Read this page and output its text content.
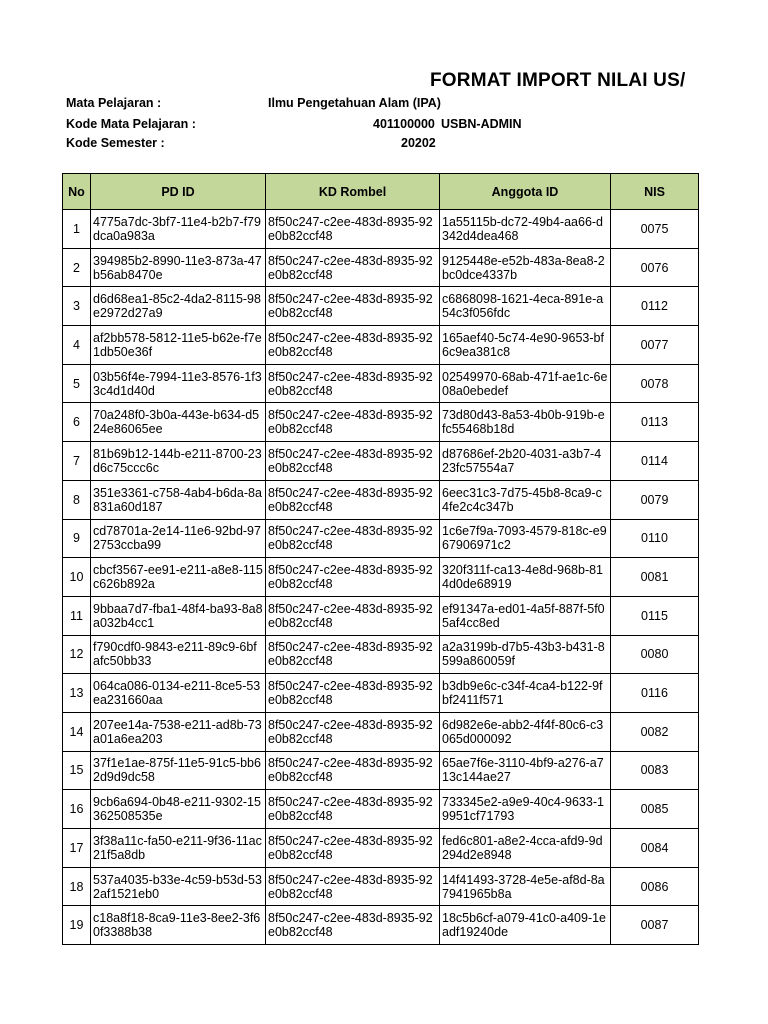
FORMAT IMPORT NILAI US/
Mata Pelajaran :	Ilmu Pengetahuan Alam (IPA)
Kode Mata Pelajaran :	401100000 USBN-ADMIN
Kode Semester :	20202
No	PD ID	KD Rombel	Anggota ID	NIS
1	4775a7dc-3bf7-11e4-b2b7-f79dca0a983a	8f50c247-c2ee-483d-8935-92e0b82ccf48	1a55115b-dc72-49b4-aa66-d342d4dea468	0075
2	394985b2-8990-11e3-873a-47b56ab8470e	8f50c247-c2ee-483d-8935-92e0b82ccf48	9125448e-e52b-483a-8ea8-2bc0dce4337b	0076
3	d6d68ea1-85c2-4da2-8115-98e2972d27a9	8f50c247-c2ee-483d-8935-92e0b82ccf48	c6868098-1621-4eca-891e-a54c3f056fdc	0112
4	af2bb578-5812-11e5-b62e-f7e1db50e36f	8f50c247-c2ee-483d-8935-92e0b82ccf48	165aef40-5c74-4e90-9653-bf6c9ea381c8	0077
5	03b56f4e-7994-11e3-8576-1f33c4d1d40d	8f50c247-c2ee-483d-8935-92e0b82ccf48	02549970-68ab-471f-ae1c-6e08a0ebedef	0078
6	70a248f0-3b0a-443e-b634-d524e86065ee	8f50c247-c2ee-483d-8935-92e0b82ccf48	73d80d43-8a53-4b0b-919b-efc55468b18d	0113
7	81b69b12-144b-e211-8700-23d6c75ccc6c	8f50c247-c2ee-483d-8935-92e0b82ccf48	d87686ef-2b20-4031-a3b7-423fc57554a7	0114
8	351e3361-c758-4ab4-b6da-8a831a60d187	8f50c247-c2ee-483d-8935-92e0b82ccf48	6eec31c3-7d75-45b8-8ca9-c4fe2c4c347b	0079
9	cd78701a-2e14-11e6-92bd-972753ccba99	8f50c247-c2ee-483d-8935-92e0b82ccf48	1c6e7f9a-7093-4579-818c-e967906971c2	0110
10	cbcf3567-ee91-e211-a8e8-115c626b892a	8f50c247-c2ee-483d-8935-92e0b82ccf48	320f311f-ca13-4e8d-968b-814d0de68919	0081
11	9bbaa7d7-fba1-48f4-ba93-8a8a032b4cc1	8f50c247-c2ee-483d-8935-92e0b82ccf48	ef91347a-ed01-4a5f-887f-5f05af4cc8ed	0115
12	f790cdf0-9843-e211-89c9-6bfafc50bb33	8f50c247-c2ee-483d-8935-92e0b82ccf48	a2a3199b-d7b5-43b3-b431-8599a860059f	0080
13	064ca086-0134-e211-8ce5-53ea231660aa	8f50c247-c2ee-483d-8935-92e0b82ccf48	b3db9e6c-c34f-4ca4-b122-9fbf2411f571	0116
14	207ee14a-7538-e211-ad8b-73a01a6ea203	8f50c247-c2ee-483d-8935-92e0b82ccf48	6d982e6e-abb2-4f4f-80c6-c3065d000092	0082
15	37f1e1ae-875f-11e5-91c5-bb62d9d9dc58	8f50c247-c2ee-483d-8935-92e0b82ccf48	65ae7f6e-3110-4bf9-a276-a713c144ae27	0083
16	9cb6a694-0b48-e211-9302-15362508535e	8f50c247-c2ee-483d-8935-92e0b82ccf48	733345e2-a9e9-40c4-9633-19951cf71793	0085
17	3f38a11c-fa50-e211-9f36-11ac21f5a8db	8f50c247-c2ee-483d-8935-92e0b82ccf48	fed6c801-a8e2-4cca-afd9-9d294d2e8948	0084
18	537a4035-b33e-4c59-b53d-532af1521eb0	8f50c247-c2ee-483d-8935-92e0b82ccf48	14f41493-3728-4e5e-af8d-8a7941965b8a	0086
19	c18a8f18-8ca9-11e3-8ee2-3f60f3388b38	8f50c247-c2ee-483d-8935-92e0b82ccf48	18c5b6cf-a079-41c0-a409-1eadf19240de	0087
